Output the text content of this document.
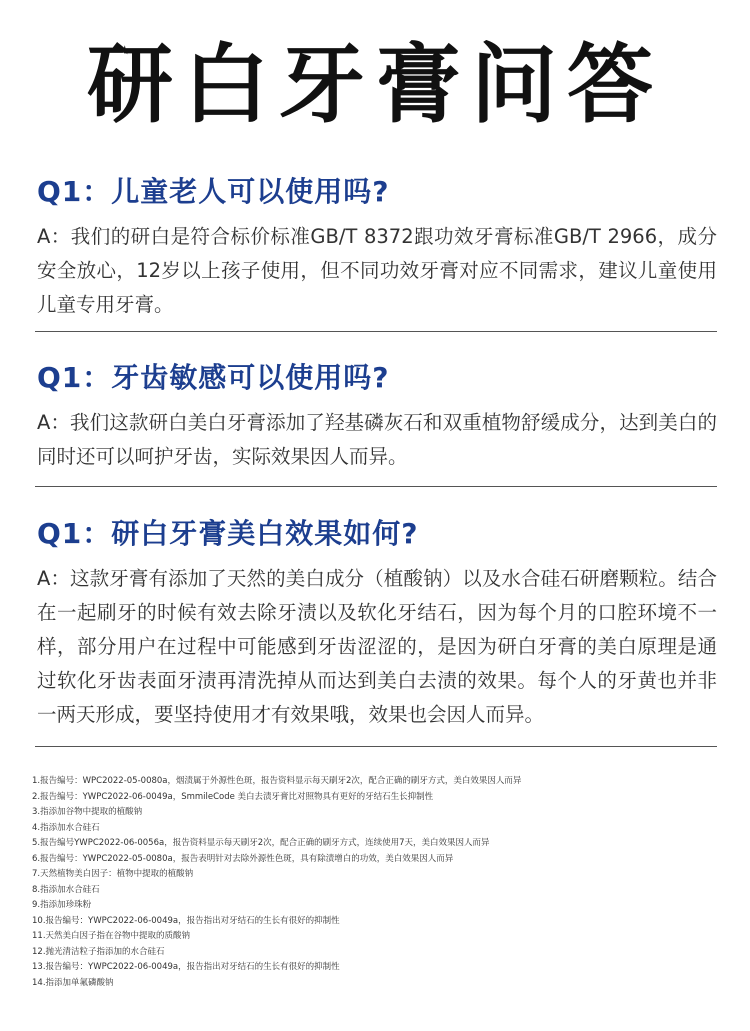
研白牙膏问答

Q1：儿童老人可以使用吗?

A：我们的研白是符合标价标准GB/T 8372跟功效牙膏标准GB/T 2966，成分安全放心，12岁以上孩子使用，但不同功效牙膏对应不同需求，建议儿童使用儿童专用牙膏。

Q1：牙齿敏感可以使用吗?

A：我们这款研白美白牙膏添加了羟基磷灰石和双重植物舒缓成分，达到美白的同时还可以呵护牙齿，实际效果因人而异。

Q1：研白牙膏美白效果如何?

A：这款牙膏有添加了天然的美白成分（植酸钠）以及水合硅石研磨颗粒。结合在一起刷牙的时候有效去除牙渍以及软化牙结石，因为每个月的口腔环境不一样，部分用户在过程中可能感到牙齿涩涩的，是因为研白牙膏的美白原理是通过软化牙齿表面牙渍再清洗掉从而达到美白去渍的效果。每个人的牙黄也并非一两天形成，要坚持使用才有效果哦，效果也会因人而异。

1.报告编号：WPC2022-05-0080a，烟渍属于外源性色斑，报告资料显示每天刷牙2次，配合正确的刷牙方式，美白效果因人而异
2.报告编号：YWPC2022-06-0049a，SmmileCode 美白去渍牙膏比对照物具有更好的牙结石生长抑制性
3.指添加谷物中提取的植酸钠
4.指添加水合硅石
5.报告编号YWPC2022-06-0056a，报告资料显示每天刷牙2次，配合正确的刷牙方式，连续使用7天，美白效果因人而异
6.报告编号：YWPC2022-05-0080a，报告表明针对去除外源性色斑，具有除渍增白的功效，美白效果因人而异
7.天然植物美白因子：植物中提取的植酸钠
8.指添加水合硅石
9.指添加珍珠粉
10.报告编号：YWPC2022-06-0049a，报告指出对牙结石的生长有很好的抑制性
11.天然美白因子指在谷物中提取的质酸钠
12.抛光清洁粒子指添加的水合硅石
13.报告编号：YWPC2022-06-0049a，报告指出对牙结石的生长有很好的抑制性
14.指添加单氟磷酸钠
